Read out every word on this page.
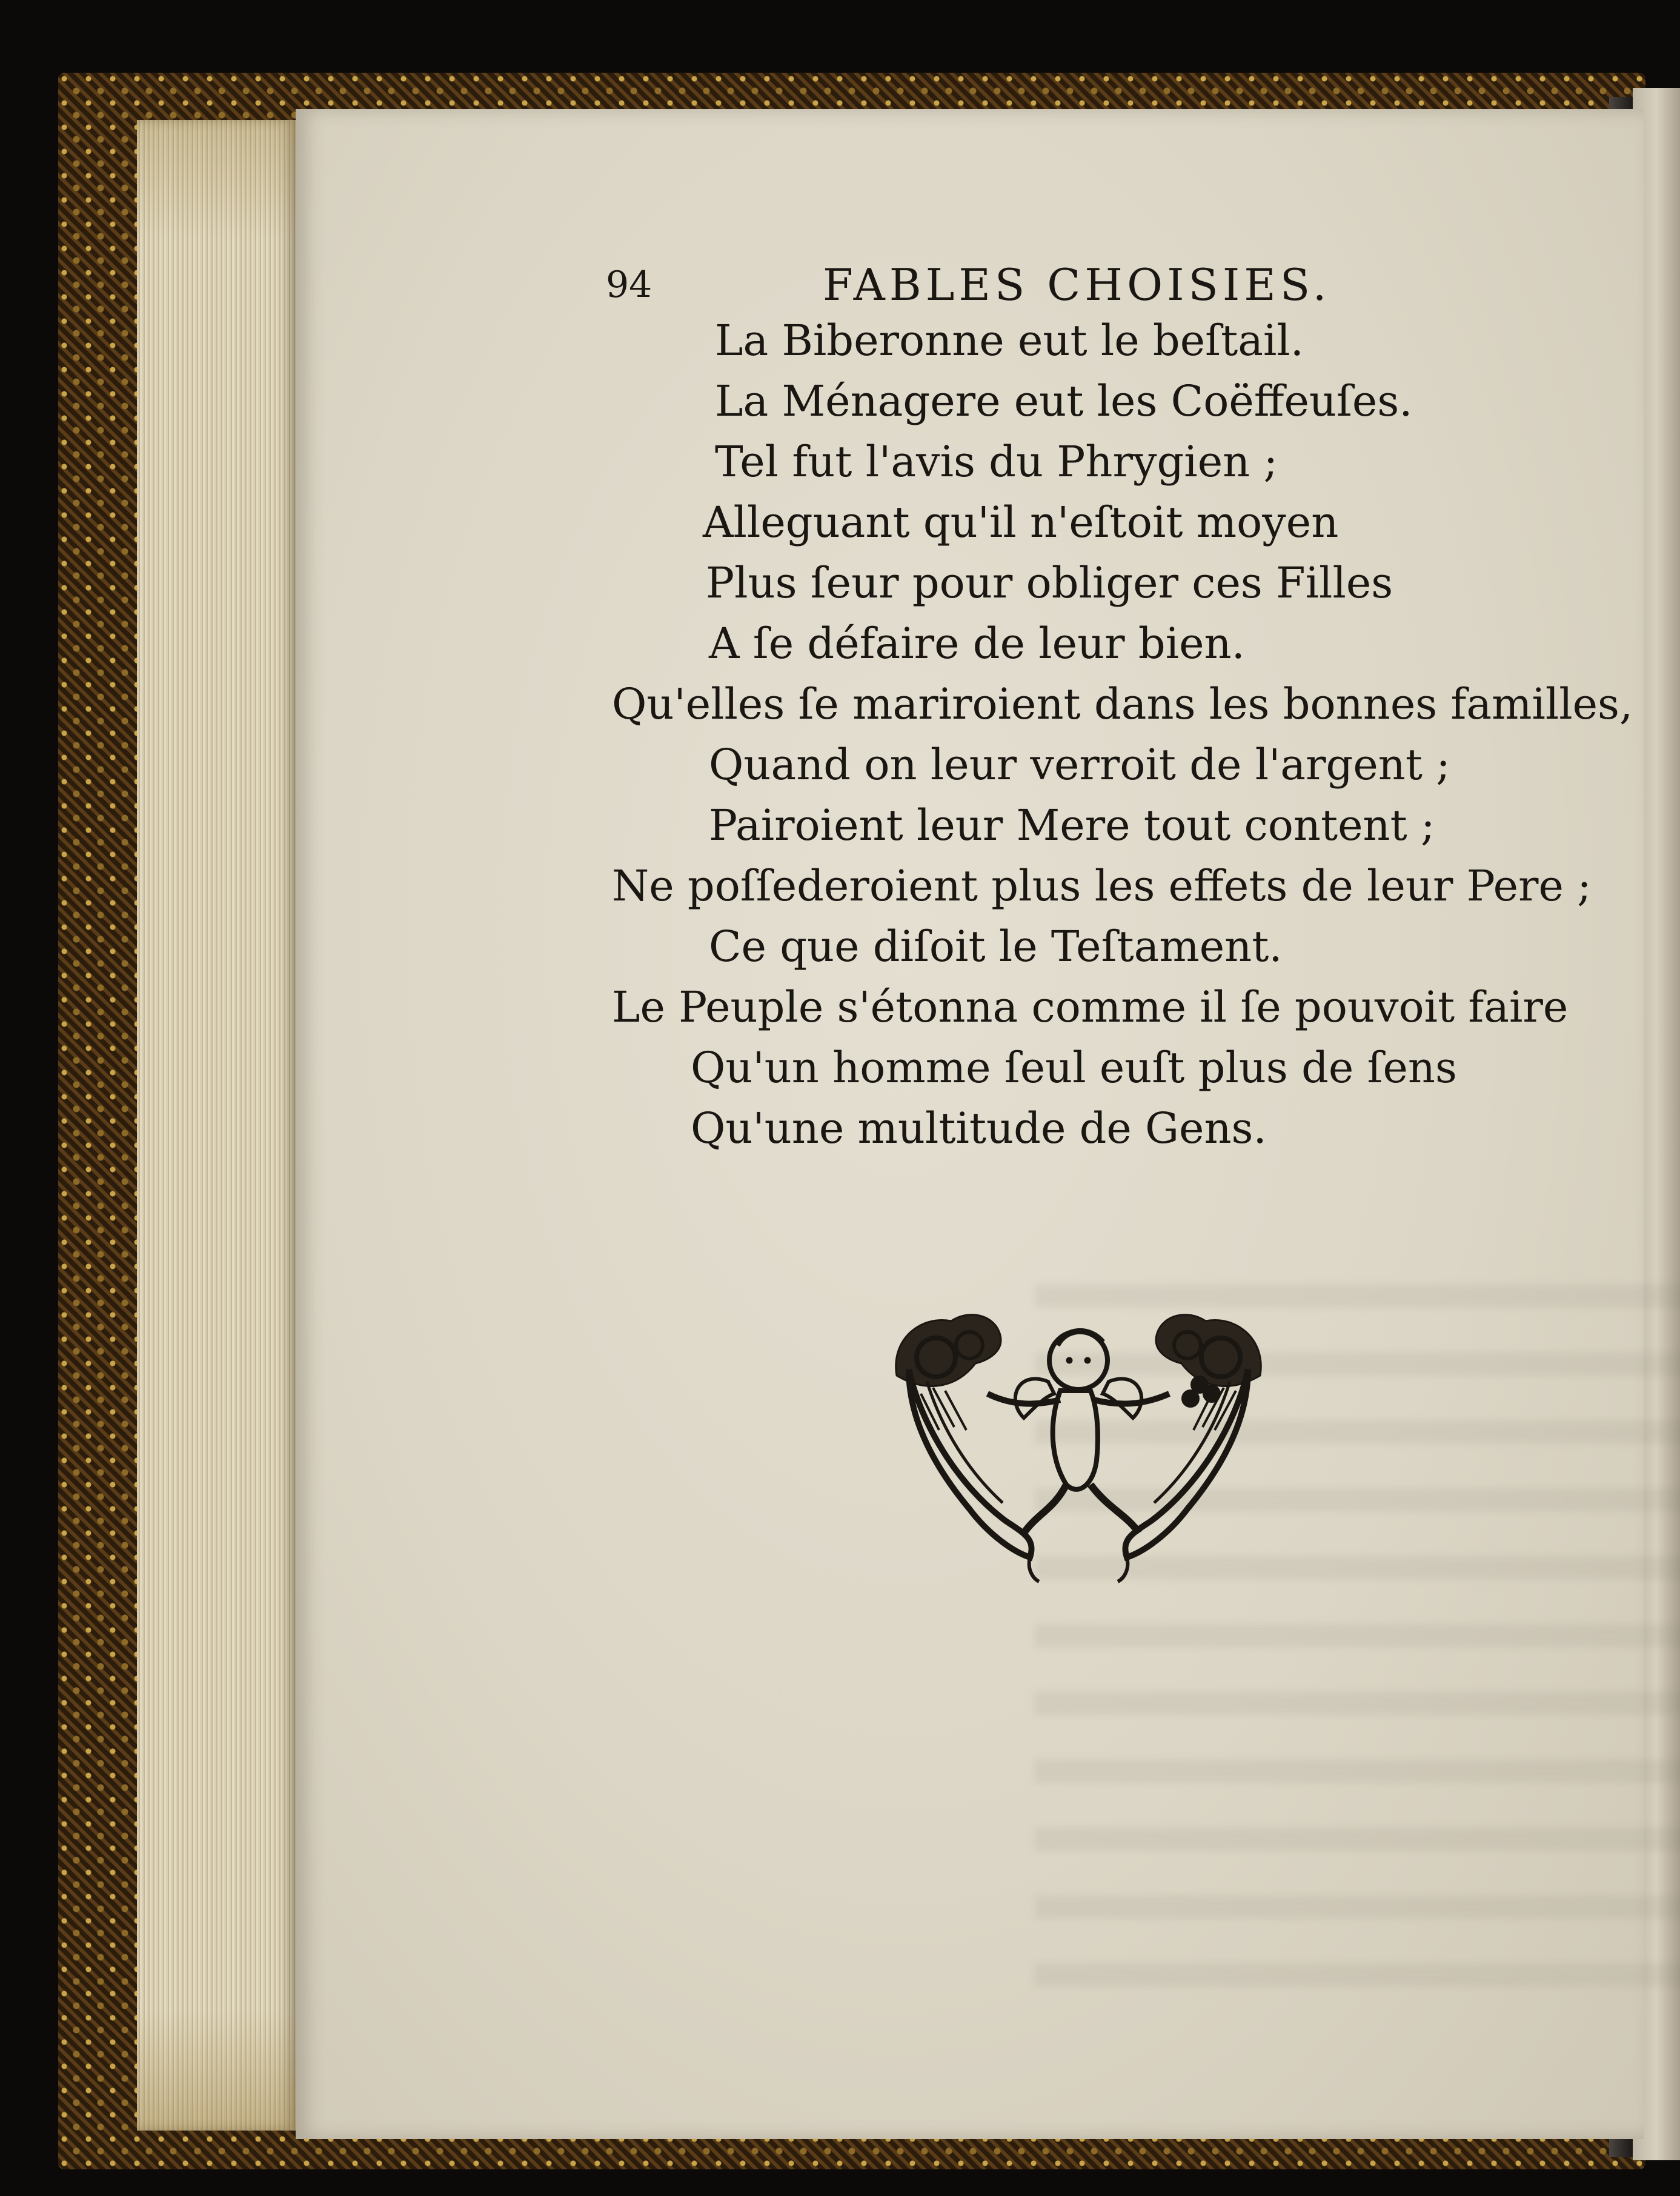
94	FABLES CHOISIES.
La Biberonne eut le beſtail.
La Ménagere eut les Coëffeuſes.
Tel fut l'avis du Phrygien ;
Alleguant qu'il n'eſtoit moyen
Plus ſeur pour obliger ces Filles
A ſe défaire de leur bien.
Qu'elles ſe mariroient dans les bonnes familles,
Quand on leur verroit de l'argent ;
Pairoient leur Mere tout content ;
Ne poſſederoient plus les effets de leur Pere ;
Ce que diſoit le Teſtament.
Le Peuple s'étonna comme il ſe pouvoit faire
Qu'un homme ſeul euſt plus de ſens
Qu'une multitude de Gens.
